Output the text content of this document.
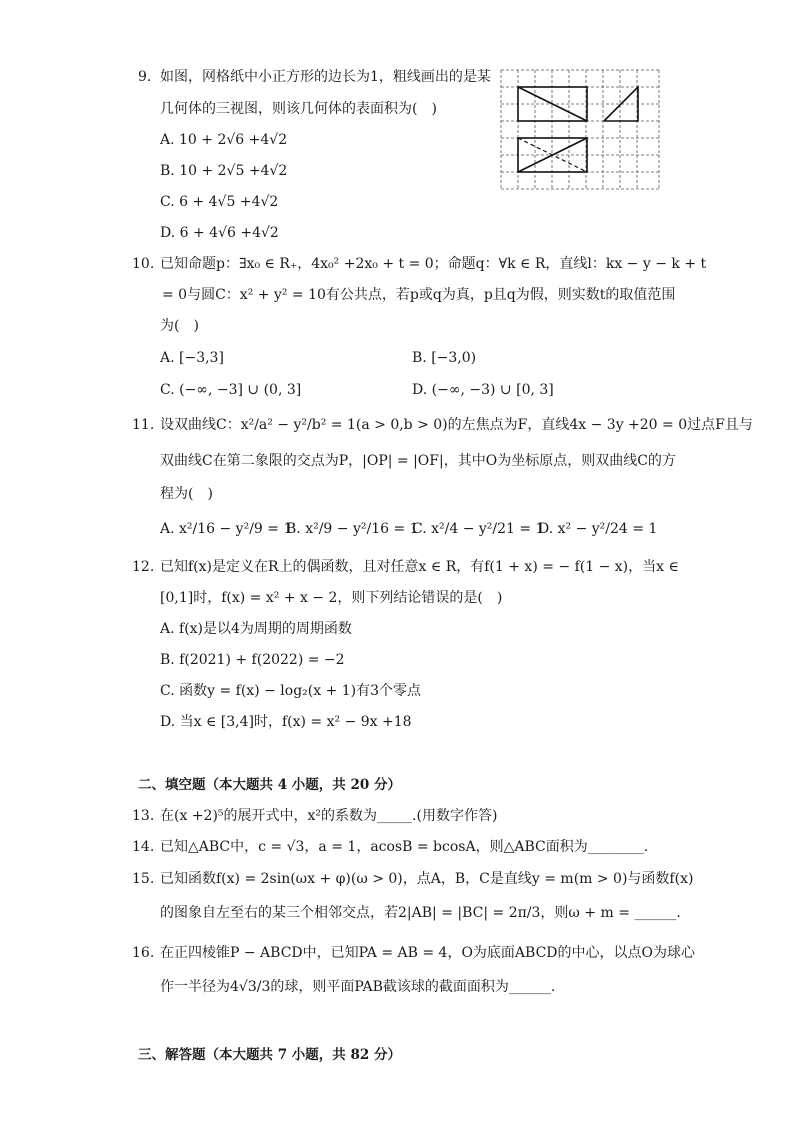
9. 如图，网格纸中小正方形的边长为1，粗线画出的是某
几何体的三视图，则该几何体的表面积为(　)
A. 10 + 2√6 +4√2
B. 10 + 2√5 +4√2
C. 6 + 4√5 +4√2
D. 6 + 4√6 +4√2
10. 已知命题p：∃x₀ ∈ R₊，4x₀² +2x₀ + t = 0；命题q：∀k ∈ R，直线l：kx − y − k + t
= 0与圆C：x² + y² = 10有公共点，若p或q为真，p且q为假，则实数t的取值范围
为(　)
A. [−3,3]	B. [−3,0)
C. (−∞, −3] ∪ (0, 3]	D. (−∞, −3) ∪ [0, 3]
11. 设双曲线C：x²/a² − y²/b² = 1(a > 0,b > 0)的左焦点为F，直线4x − 3y +20 = 0过点F且与
双曲线C在第二象限的交点为P，|OP| = |OF|，其中O为坐标原点，则双曲线C的方
程为(　)
A. x²/16 − y²/9 = 1
B. x²/9 − y²/16 = 1
C. x²/4 − y²/21 = 1
D. x² − y²/24 = 1
12. 已知f(x)是定义在R上的偶函数，且对任意x ∈ R，有f(1 + x) = − f(1 − x)，当x ∈
[0,1]时，f(x) = x² + x − 2，则下列结论错误的是(　)
A. f(x)是以4为周期的周期函数
B. f(2021) + f(2022) = −2
C. 函数y = f(x) − log₂(x + 1)有3个零点
D. 当x ∈ [3,4]时，f(x) = x² − 9x +18
二、填空题（本大题共 4 小题，共 20 分）
13. 在(x +2)⁵的展开式中，x²的系数为_____.(用数字作答)
14. 已知△ABC中，c = √3，a = 1，acosB = bcosA，则△ABC面积为________.
15. 已知函数f(x) = 2sin(ωx + φ)(ω > 0)，点A，B，C是直线y = m(m > 0)与函数f(x)
的图象自左至右的某三个相邻交点，若2|AB| = |BC| = 2π/3，则ω + m = ______.
16. 在正四棱锥P − ABCD中，已知PA = AB = 4，O为底面ABCD的中心，以点O为球心
作一半径为4√3/3的球，则平面PAB截该球的截面面积为______.
三、解答题（本大题共 7 小题，共 82 分）
